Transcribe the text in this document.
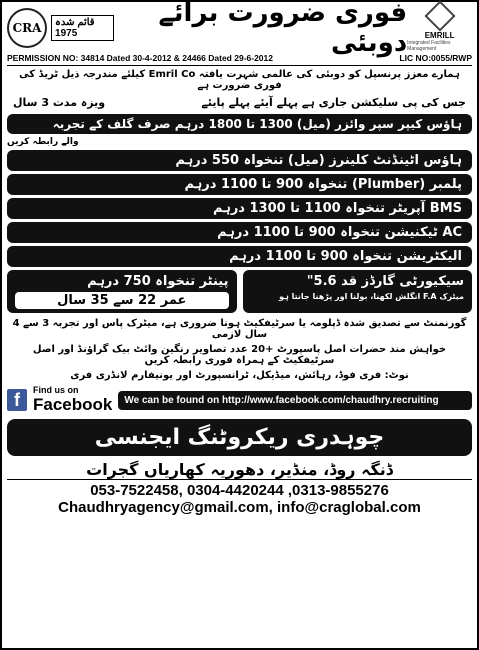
CRA	قائم شدہ 1975
فوری ضرورت برائے دوبئی EMRILL
Integrated Facilities Management
PERMISSION NO: 34814 Dated 30-4-2012 & 24466 Dated 29-6-2012	LIC NO:0055/RWP
ہمارے معزز پرنسپل کو دوبئی کی عالمی شہرت یافتہ Emril Co کیلئے مندرجہ ذیل ٹریڈ کی فوری ضرورت ہے
جس کی پی سلیکشن جاری ہے پہلے آیئے پہلے پایئے
ویزہ مدت 3 سال
ہاؤس کیپر سپر وائزر (میل) 1300 تا 1800 درہم صرف گلف کے تجربہ
والے رابطہ کریں
ہاؤس اٹینڈنٹ کلینرز (میل) تنخواہ 550 درہم
پلمبر (Plumber) تنخواہ 900 تا 1100 درہم
BMS آپریٹر تنخواہ 1100 تا 1300 درہم
AC ٹیکنیشن تنخواہ 900 تا 1100 درہم
الیکٹریشن تنخواہ 900 تا 1100 درہم
پینٹر تنخواہ 750 درہم
عمر 22 سے 35 سال
سیکیورٹی گارڈز قد 5.6"
میٹرک F.A انگلش لکھنا، بولنا اور پڑھنا جانتا ہو
گورنمنٹ سے تصدیق شدہ ڈپلومہ یا سرٹیفکیٹ ہونا ضروری ہے، میٹرک پاس اور تجربہ 3 سے 4 سال لازمی
خواہش مند حضرات اصل پاسپورٹ +20 عدد تصاویر رنگین وائٹ بیک گراؤنڈ اور اصل سرٹیفکیٹ کے ہمراہ فوری رابطہ کریں
نوٹ: فری فوڈ، رہائش، میڈیکل، ٹرانسپورٹ اور یونیفارم لانڈری فری
f	Find us on
Facebook	We can be found on http://www.facebook.com/chaudhry.recruiting
چوہدری ریکروٹنگ ایجنسی
ڈنگہ روڈ، منڈیر، دھوریہ کھاریاں گجرات
053-7522458, 0304-4420244 ,0313-9855276
Chaudhryagency@gmail.com, info@craglobal.com
